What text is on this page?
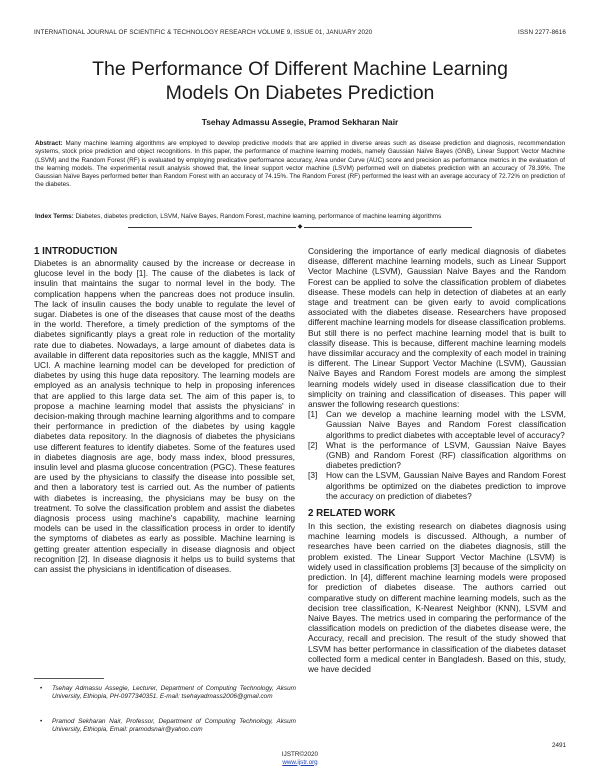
INTERNATIONAL JOURNAL OF SCIENTIFIC & TECHNOLOGY RESEARCH VOLUME 9, ISSUE 01, JANUARY 2020	ISSN 2277-8616
The Performance Of Different Machine Learning
Models On Diabetes Prediction
Tsehay Admassu Assegie, Pramod Sekharan Nair
Abstract: Many machine learning algorithms are employed to develop predictive models that are applied in diverse areas such as disease prediction and diagnosis, recommendation systems, stock price prediction and object recognitions. In this paper, the performance of machine learning models, namely Gaussian Naïve Bayes (GNB), Linear Support Vector Machine (LSVM) and the Random Forest (RF) is evaluated by employing predicative performance accuracy, Area under Curve (AUC) score and precision as performance metrics in the evaluation of the learning models. The experimental result analysis showed that, the linear support vector machine (LSVM) performed well on diabetes prediction with an accuracy of 78.39%. The Gaussian Naïve Bayes performed better than Random Forest with an accuracy of 74.15%. The Random Forest (RF) performed the least with an average accuracy of 72.72% on prediction of the diabetes.
Index Terms: Diabetes, diabetes prediction, LSVM, Naïve Bayes, Random Forest, machine learning, performance of machine learning algorithms
◆
1 INTRODUCTION

Diabetes is an abnormality caused by the increase or decrease in glucose level in the body [1]. The cause of the diabetes is lack of insulin that maintains the sugar to normal level in the body. The complication happens when the pancreas does not produce insulin. The lack of insulin causes the body unable to regulate the level of sugar. Diabetes is one of the diseases that cause most of the deaths in the world. Therefore, a timely prediction of the symptoms of the diabetes significantly plays a great role in reduction of the mortality rate due to diabetes. Nowadays, a large amount of diabetes data is available in different data repositories such as the kaggle, MNIST and UCI. A machine learning model can be developed for prediction of diabetes by using this huge data repository. The learning models are employed as an analysis technique to help in proposing inferences that are applied to this large data set. The aim of this paper is, to propose a machine learning model that assists the physicians' in decision-making through machine learning algorithms and to compare their performance in prediction of the diabetes by using kaggle diabetes data repository. In the diagnosis of diabetes the physicians use different features to identify diabetes. Some of the features used in diabetes diagnosis are age, body mass index, blood pressures, insulin level and plasma glucose concentration (PGC). These features are used by the physicians to classify the disease into possible set, and then a laboratory test is carried out. As the number of patients with diabetes is increasing, the physicians may be busy on the treatment. To solve the classification problem and assist the diabetes diagnosis process using machine's capability, machine learning models can be used in the classification process in order to identify the symptoms of diabetes as early as possible. Machine learning is getting greater attention especially in disease diagnosis and object recognition [2]. In disease diagnosis it helps us to build systems that can assist the physicians in identification of diseases.

Considering the importance of early medical diagnosis of diabetes disease, different machine learning models, such as Linear Support Vector Machine (LSVM), Gaussian Naive Bayes and the Random Forest can be applied to solve the classification problem of diabetes disease. These models can help in detection of diabetes at an early stage and treatment can be given early to avoid complications associated with the diabetes disease. Researchers have proposed different machine learning models for disease classification problems. But still there is no perfect machine learning model that is built to classify disease. This is because, different machine learning models have dissimilar accuracy and the complexity of each model in training is different. The Linear Support Vector Machine (LSVM), Gaussian Naïve Bayes and Random Forest models are among the simplest learning models widely used in disease classification due to their simplicity on training and classification of diseases. This paper will answer the following research questions:

[1] Can we develop a machine learning model with the LSVM, Gaussian Naive Bayes and Random Forest classification algorithms to predict diabetes with acceptable level of accuracy?
[2] What is the performance of LSVM, Gaussian Naive Bayes (GNB) and Random Forest (RF) classification algorithms on diabetes prediction?
[3] How can the LSVM, Gaussian Naive Bayes and Random Forest algorithms be optimized on the diabetes prediction to improve the accuracy on prediction of diabetes?
2 RELATED WORK

In this section, the existing research on diabetes diagnosis using machine learning models is discussed. Although, a number of researches have been carried on the diabetes diagnosis, still the problem existed. The Linear Support Vector Machine (LSVM) is widely used in classification problems [3] because of the simplicity on prediction. In [4], different machine learning models were proposed for prediction of diabetes disease. The authors carried out comparative study on different machine learning models, such as the decision tree classification, K-Nearest Neighbor (KNN), LSVM and Naive Bayes. The metrics used in comparing the performance of the classification models on prediction of the diabetes disease were, the Accuracy, recall and precision. The result of the study showed that LSVM has better performance in classification of the diabetes dataset collected form a medical center in Bangladesh. Based on this, study, we have decided

• Tsehay Admassu Assegie, Lecturer, Department of Computing Technology, Aksum University, Ethiopia, PH-0977340351. E-mail: tsehayadmass2006@gmail.com
• Pramod Sekharan Nair, Professor, Department of Computing Technology, Aksum University, Ethiopia, Email: pramodsnair@yahoo.com
2491
IJSTR©2020
www.ijstr.org
